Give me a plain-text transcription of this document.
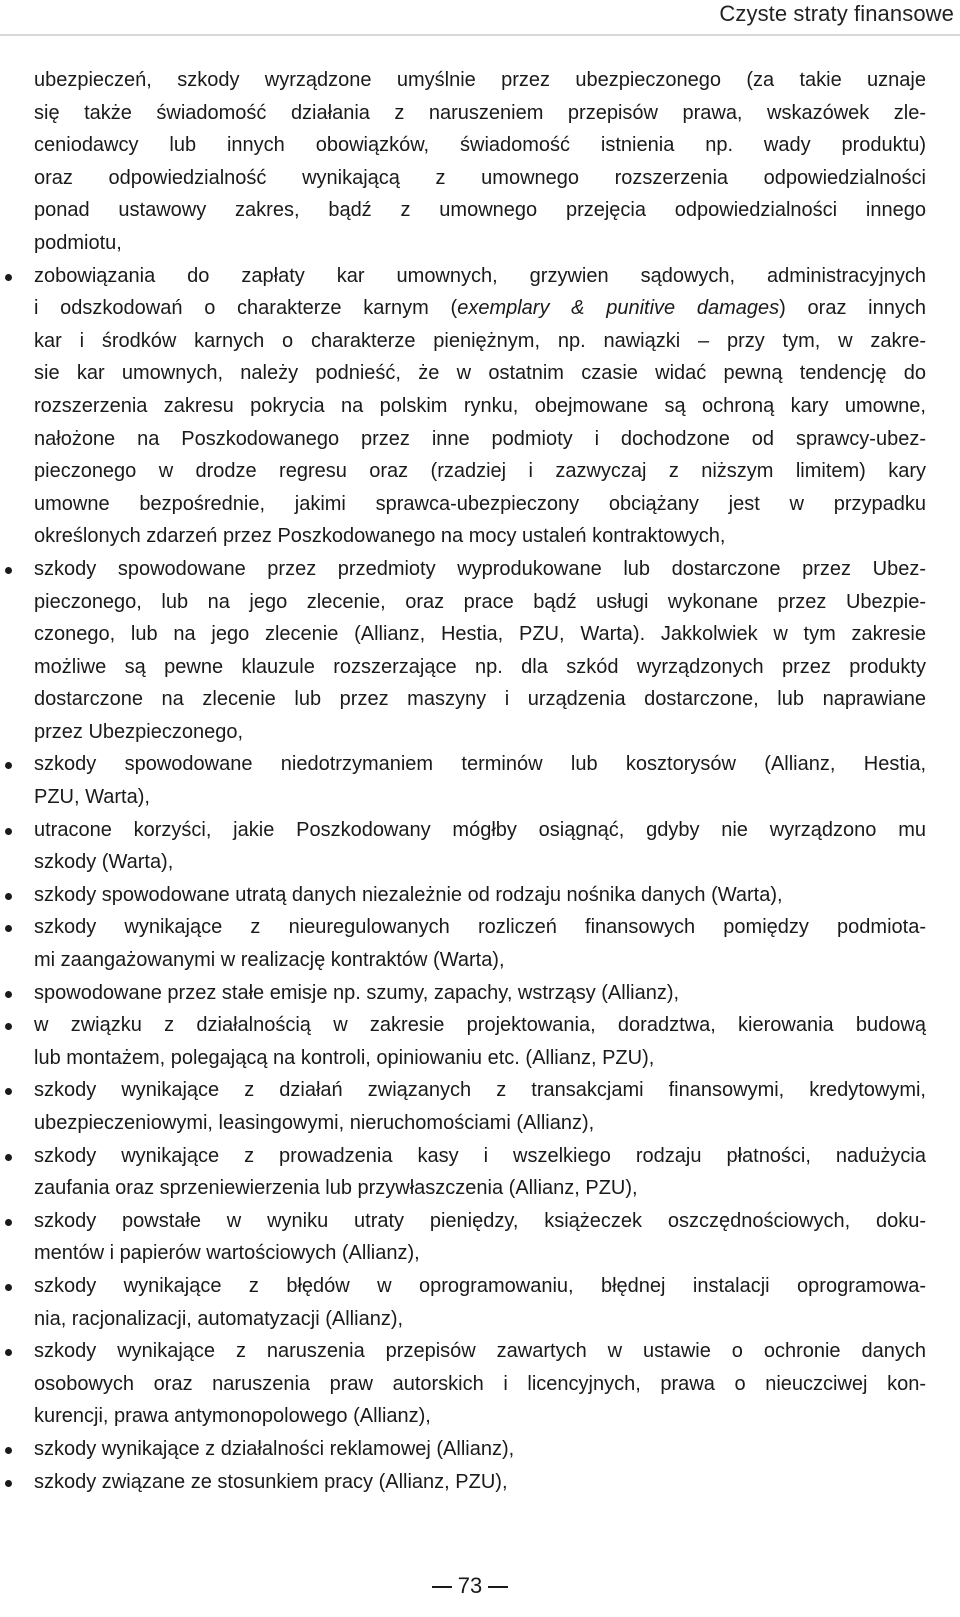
Czyste straty finansowe
ubezpieczeń, szkody wyrządzone umyślnie przez ubezpieczonego (za takie uznaje
się także świadomość działania z naruszeniem przepisów prawa, wskazówek zle-
ceniodawcy lub innych obowiązków, świadomość istnienia np. wady produktu)
oraz odpowiedzialność wynikającą z umownego rozszerzenia odpowiedzialności
ponad ustawowy zakres, bądź z umownego przejęcia odpowiedzialności innego
podmiotu,
zobowiązania do zapłaty kar umownych, grzywien sądowych, administracyjnych
i odszkodowań o charakterze karnym (exemplary & punitive damages) oraz innych
kar i środków karnych o charakterze pieniężnym, np. nawiązki – przy tym, w zakre-
sie kar umownych, należy podnieść, że w ostatnim czasie widać pewną tendencję do
rozszerzenia zakresu pokrycia na polskim rynku, obejmowane są ochroną kary umowne,
nałożone na Poszkodowanego przez inne podmioty i dochodzone od sprawcy-ubez-
pieczonego w drodze regresu oraz (rzadziej i zazwyczaj z niższym limitem) kary
umowne bezpośrednie, jakimi sprawca-ubezpieczony obciążany jest w przypadku
określonych zdarzeń przez Poszkodowanego na mocy ustaleń kontraktowych,
szkody spowodowane przez przedmioty wyprodukowane lub dostarczone przez Ubez-
pieczonego, lub na jego zlecenie, oraz prace bądź usługi wykonane przez Ubezpie-
czonego, lub na jego zlecenie (Allianz, Hestia, PZU, Warta). Jakkolwiek w tym zakresie
możliwe są pewne klauzule rozszerzające np. dla szkód wyrządzonych przez produkty
dostarczone na zlecenie lub przez maszyny i urządzenia dostarczone, lub naprawiane
przez Ubezpieczonego,
szkody spowodowane niedotrzymaniem terminów lub kosztorysów (Allianz, Hestia,
PZU, Warta),
utracone korzyści, jakie Poszkodowany mógłby osiągnąć, gdyby nie wyrządzono mu
szkody (Warta),
szkody spowodowane utratą danych niezależnie od rodzaju nośnika danych (Warta),
szkody wynikające z nieuregulowanych rozliczeń finansowych pomiędzy podmiota-
mi zaangażowanymi w realizację kontraktów (Warta),
spowodowane przez stałe emisje np. szumy, zapachy, wstrząsy (Allianz),
w związku z działalnością w zakresie projektowania, doradztwa, kierowania budową
lub montażem, polegającą na kontroli, opiniowaniu etc. (Allianz, PZU),
szkody wynikające z działań związanych z transakcjami finansowymi, kredytowymi,
ubezpieczeniowymi, leasingowymi, nieruchomościami (Allianz),
szkody wynikające z prowadzenia kasy i wszelkiego rodzaju płatności, nadużycia
zaufania oraz sprzeniewierzenia lub przywłaszczenia (Allianz, PZU),
szkody powstałe w wyniku utraty pieniędzy, książeczek oszczędnościowych, doku-
mentów i papierów wartościowych (Allianz),
szkody wynikające z błędów w oprogramowaniu, błędnej instalacji oprogramowa-
nia, racjonalizacji, automatyzacji (Allianz),
szkody wynikające z naruszenia przepisów zawartych w ustawie o ochronie danych
osobowych oraz naruszenia praw autorskich i licencyjnych, prawa o nieuczciwej kon-
kurencji, prawa antymonopolowego (Allianz),
szkody wynikające z działalności reklamowej (Allianz),
szkody związane ze stosunkiem pracy (Allianz, PZU),
73
